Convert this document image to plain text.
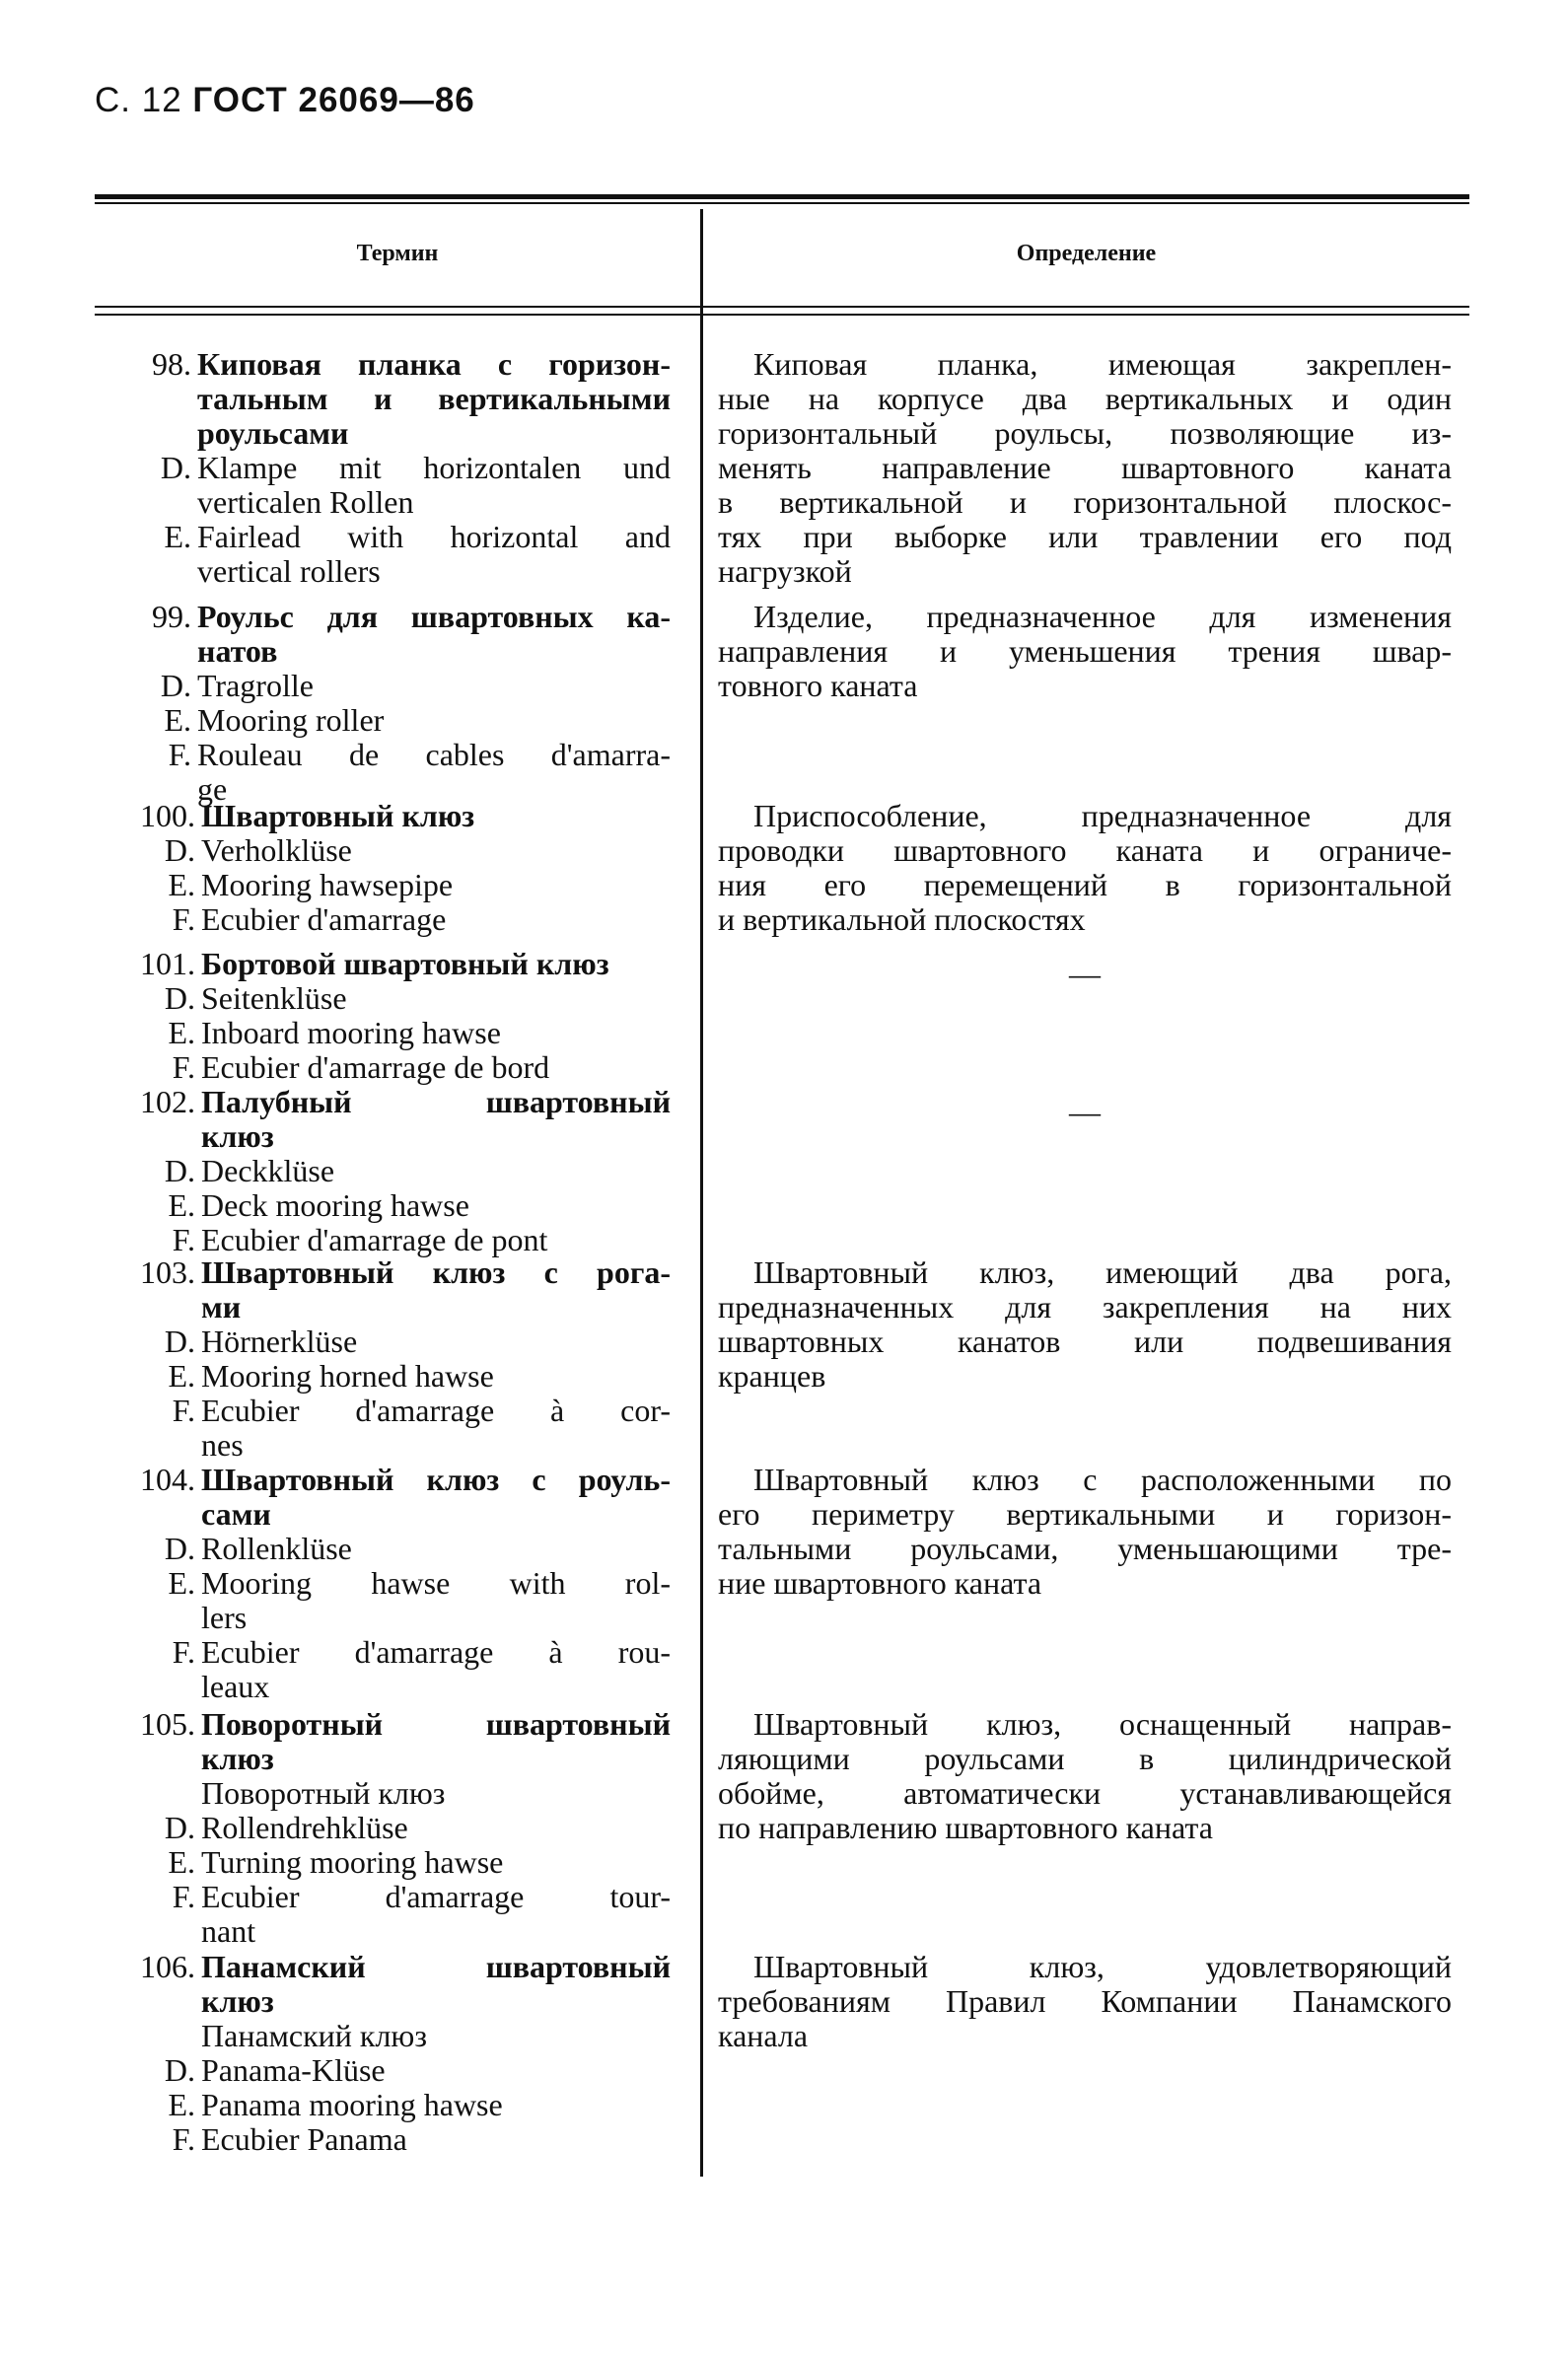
С. 12 ГОСТ 26069—86
Термин	Определение
98. Киповая планка с горизон-
тальным и вертикальными
роульсами
D. Klampe mit horizontalen und
verticalen Rollen
E. Fairlead with horizontal and
vertical rollers
Киповая планка, имеющая закреплен-
ные на корпусе два вертикальных и один
горизонтальный роульсы, позволяющие из-
менять направление швартовного каната
в вертикальной и горизонтальной плоскос-
тях при выборке или травлении его под
нагрузкой
99. Роульс для швартовных ка-
натов
D. Tragrolle
E. Mooring roller
F. Rouleau de cables d'amarra-
ge
Изделие, предназначенное для изменения
направления и уменьшения трения швар-
товного каната
100. Швартовный клюз
D. Verholklüse
E. Mooring hawsepipe
F. Ecubier d'amarrage
Приспособление, предназначенное для
проводки швартовного каната и ограниче-
ния его перемещений в горизонтальной
и вертикальной плоскостях
101. Бортовой швартовный клюз
D. Seitenklüse
E. Inboard mooring hawse
F. Ecubier d'amarrage de bord
—
102. Палубный швартовный
клюз
D. Deckklüse
E. Deck mooring hawse
F. Ecubier d'amarrage de pont
—
103. Швартовный клюз с рога-
ми
D. Hörnerklüse
E. Mooring horned hawse
F. Ecubier d'amarrage à cor-
nes
Швартовный клюз, имеющий два рога,
предназначенных для закрепления на них
швартовных канатов или подвешивания
кранцев
104. Швартовный клюз с роуль-
сами
D. Rollenklüse
E. Mooring hawse with rol-
lers
F. Ecubier d'amarrage à rou-
leaux
Швартовный клюз с расположенными по
его периметру вертикальными и горизон-
тальными роульсами, уменьшающими тре-
ние швартовного каната
105. Поворотный швартовный
клюз
Поворотный клюз
D. Rollendrehklüse
E. Turning mooring hawse
F. Ecubier d'amarrage tour-
nant
Швартовный клюз, оснащенный направ-
ляющими роульсами в цилиндрической
обойме, автоматически устанавливающейся
по направлению швартовного каната
106. Панамский швартовный
клюз
Панамский клюз
D. Panama-Klüse
E. Panama mooring hawse
F. Ecubier Panama
Швартовный клюз, удовлетворяющий
требованиям Правил Компании Панамского
канала
